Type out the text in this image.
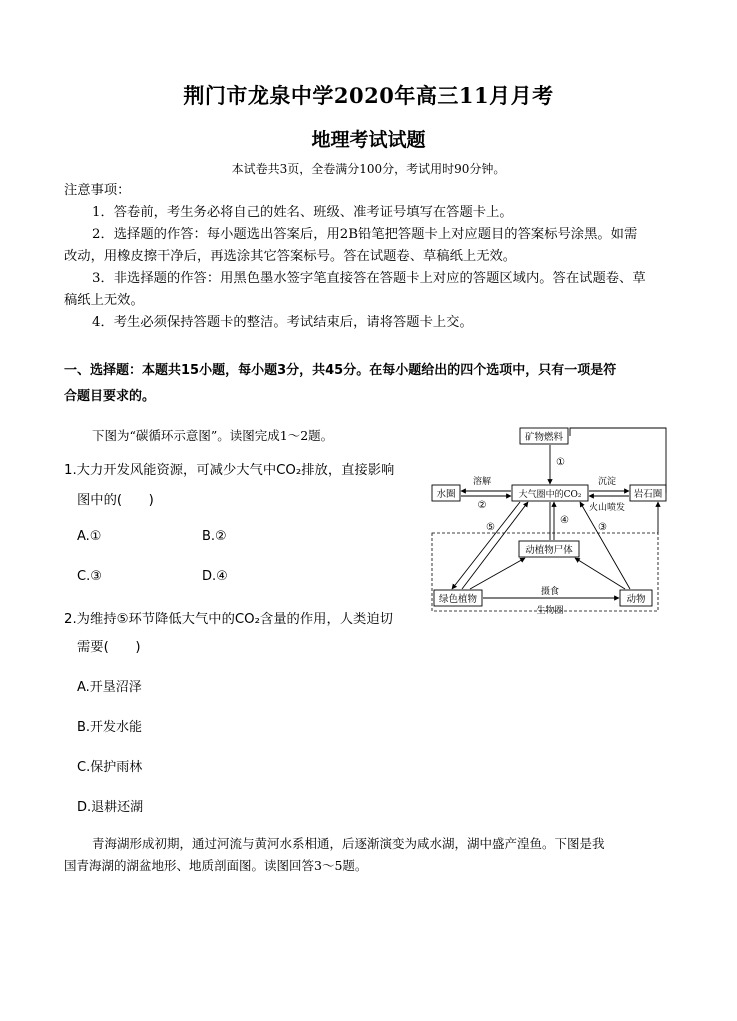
荆门市龙泉中学2020年高三11月月考
地理考试试题
本试卷共3页，全卷满分100分，考试用时90分钟。
注意事项：
1．答卷前，考生务必将自己的姓名、班级、准考证号填写在答题卡上。
2．选择题的作答：每小题选出答案后，用2B铅笔把答题卡上对应题目的答案标号涂黑。如需
改动，用橡皮擦干净后，再选涂其它答案标号。答在试题卷、草稿纸上无效。
3．非选择题的作答：用黑色墨水签字笔直接答在答题卡上对应的答题区域内。答在试题卷、草
稿纸上无效。
4．考生必须保持答题卡的整洁。考试结束后，请将答题卡上交。
一、选择题：本题共15小题，每小题3分，共45分。在每小题给出的四个选项中，只有一项是符
合题目要求的。
下图为“碳循环示意图”。读图完成1～2题。
1.大力开发风能资源，可减少大气中CO₂排放，直接影响
图中的(　　)
A.①	B.②
C.③	D.④
2.为维持⑤环节降低大气中的CO₂含量的作用，人类迫切
需要(　　)
A.开垦沼泽
B.开发水能
C.保护雨林
D.退耕还湖
青海湖形成初期，通过河流与黄河水系相通，后逐渐演变为咸水湖，湖中盛产湟鱼。下图是我
国青海湖的湖盆地形、地质剖面图。读图回答3～5题。
矿物燃料
大气圈中的CO₂
水圈	岩石圈
动植物尸体
绿色植物	动物
①
溶解
②
沉淀
火山喷发
④
⑤	③
摄食
生物圈
